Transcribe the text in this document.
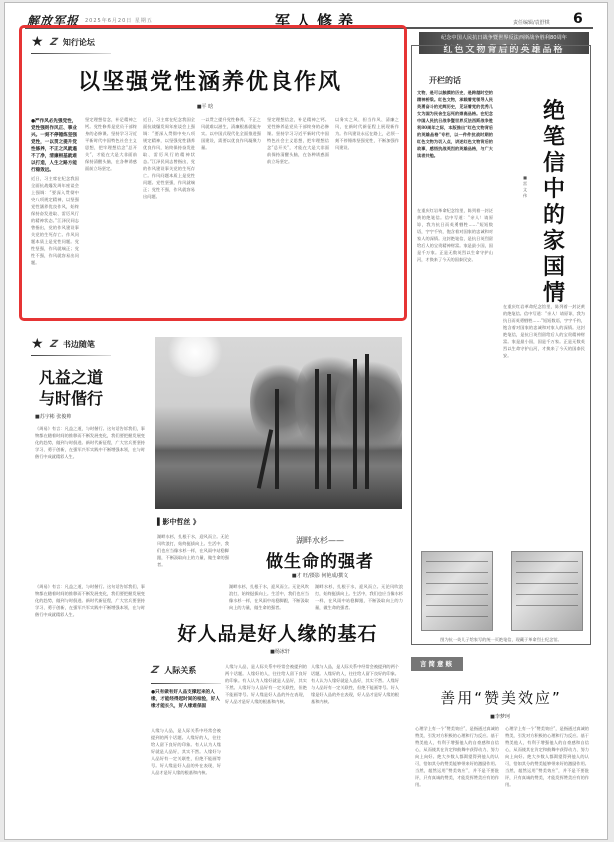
解放军报 2025年6月20日 星期五	军人修养	责任编辑/袁舒棋 6
★ Z 知行论坛
以坚强党性涵养优良作风
■平 晗
●严作风必先强党性，党性强则作风正、事业兴。一刻不停锤炼坚强党性，一以贯之提升党性修养，不正之风就遏不了净，清廉根基就难以打造，人生之路方能行稳致远。
近日，习主席在纪念我国全面抗战爆发周年座谈会上强调：“要深入贯彻中央八项规定精神，以坚强党性涵养优良作风，始终保持奋发进取、雷厉风行的精神状态。”江泽民同志曾指出，党的作风建设事关党的生死存亡。作风问题本质上是党性问题。党性坚强，作风就端正；党性不强，作风就容易出问题。
坚定理想信念，补足精神之钙。党性修养是党员干部终身的必修课。坚持学习习近平新时代中国特色社会主义思想，把牢理想信念“总开关”，才能在大是大非面前保持清醒头脑，在各种诱惑面前立场坚定。
近日，习主席在纪念我国全面抗战爆发周年座谈会上强调：“要深入贯彻中央八项规定精神，以坚强党性涵养优良作风，始终保持奋发进取、雷厉风行的精神状态。”江泽民同志曾指出，党的作风建设事关党的生死存亡。作风问题本质上是党性问题。党性坚强，作风就端正；党性不强，作风就容易出问题。
一以贯之提升党性修养，不正之风就难以滋生，清廉根基就能夯实。以中国式现代化全面推进强国建设，需要以优良作风凝聚力量。
坚定理想信念，补足精神之钙。党性修养是党员干部终身的必修课。坚持学习习近平新时代中国特色社会主义思想，把牢理想信念“总开关”，才能在大是大非面前保持清醒头脑，在各种诱惑面前立场坚定。
以务实之风、担当作风、清廉之风，在新时代新征程上展现新作为。作风建设永远在路上，必须一刻不停锤炼坚强党性，不断加强作风建设。
★ Z 书边随笔
凡益之道
与时偕行
■苏宇彬 张俊帅
《周易》有言：凡益之道，与时偕行。这句话告诉我们，事物都在随着时间的推移而不断发展变化，我们要把握发展变化的趋势，做到与时俱进。新时代新征程，广大官兵要坚持学习、勇于创新，在强军兴军实践中不断增强本领，在与时偕行中成就精彩人生。
《周易》有言：凡益之道，与时偕行。这句话告诉我们，事物都在随着时间的推移而不断发展变化，我们要把握发展变化的趋势，做到与时俱进。新时代新征程，广大官兵要坚持学习、勇于创新，在强军兴军实践中不断增强本领，在与时偕行中成就精彩人生。
▌影中哲丝 》
湖畔水杉，扎根于水，迎风而立。无论风吹浪打，始终挺拔向上。生活中，我们也应当像水杉一样，在风雨中站稳脚跟，不断汲取向上的力量，做生命的强者。
湖畔水杉——
做生命的强者
■才 旺/摄影 何艳成/撰文
湖畔水杉，扎根于水，迎风而立。无论风吹浪打，始终挺拔向上。生活中，我们也应当像水杉一样，在风雨中站稳脚跟，不断汲取向上的力量，做生命的强者。
湖畔水杉，扎根于水，迎风而立。无论风吹浪打，始终挺拔向上。生活中，我们也应当像水杉一样，在风雨中站稳脚跟，不断汲取向上的力量，做生命的强者。
好人品是好人缘的基石
■杨冰轩
Z 人际关系
●只有做有好人品支撑起来的人缘，才能经得起时间的检验，好人缘才能长久，好人缘难保固
人缘与人品，是人际关系中经常会被提到的两个话题。人缘好的人，往往给人留下良好的印象。有人认为人缘好就是人品好，其实不然。人缘好与人品好有一定关联性，但绝不能画等号。好人缘是好人品的外在表现，好人品才是好人缘的根基和内核。
人缘与人品，是人际关系中经常会被提到的两个话题。人缘好的人，往往给人留下良好的印象。有人认为人缘好就是人品好，其实不然。人缘好与人品好有一定关联性，但绝不能画等号。好人缘是好人品的外在表现，好人品才是好人缘的根基和内核。
人缘与人品，是人际关系中经常会被提到的两个话题。人缘好的人，往往给人留下良好的印象。有人认为人缘好就是人品好，其实不然。人缘好与人品好有一定关联性，但绝不能画等号。好人缘是好人品的外在表现，好人品才是好人缘的根基和内核。
纪念中国人民抗日战争暨世界反法西斯战争胜利80周年
红色文物背后的英雄品格
开栏的话
文物，是可以触摸的历史，是跨越时空的精神桥梁。红色文物，承载着党领导人民英勇奋斗的光辉历史，见证着党的优秀儿女为国为民舍生忘死的崇高品格。在纪念中国人民抗日战争暨世界反法西斯战争胜利80周年之际，本版推出“红色文物背后的英雄品格”专栏，以一件件抗战时期的红色文物为切入点，讲述红色文物背后的故事，感悟抗战英烈的英雄品格，与广大读者共勉。
绝笔信中的家国情
■雷 文 伟
在重庆红岩革命纪念馆里，陈列着一封泛黄的绝笔信。信中写道：“亲人！请原谅，我为抗日而英勇牺牲……”短短数语，字字千钧，饱含着对国家的忠诚和对家人的深情。这封绝笔信，是抗日英烈留给后人的宝贵精神财富。家是最小国，国是千万家。正是无数英烈以生命守护山河，才换来了今天的国泰民安。
在重庆红岩革命纪念馆里，陈列着一封泛黄的绝笔信。信中写道：“亲人！请原谅，我为抗日而英勇牺牲……”短短数语，字字千钧，饱含着对国家的忠诚和对家人的深情。这封绝笔信，是抗日英烈留给后人的宝贵精神财富。家是最小国，国是千万家。正是无数英烈以生命守护山河，才换来了今天的国泰民安。
图为抗一英儿子给家写的统一页绝笔信，现藏于革命烈士纪念馆。
言简意赅
善用“赞美效应”
■李梦珂
心理学上有一个“赞美效应”，是指通过真诚的赞美，引发对方积极的心理和行为反应。基于赞美他人，有利于增强他人的自豪感和自信心，从而使其在肯定和鼓舞中获得动力、努力向上向好。绝大多数人都渴望得到他人的认可，恰如其分的赞美能够带来好的激励作用。当然，超然运用“赞美效应”，并不是不要批评，只有真诚的赞美，才能发挥赞美应有的作用。
心理学上有一个“赞美效应”，是指通过真诚的赞美，引发对方积极的心理和行为反应。基于赞美他人，有利于增强他人的自豪感和自信心，从而使其在肯定和鼓舞中获得动力、努力向上向好。绝大多数人都渴望得到他人的认可，恰如其分的赞美能够带来好的激励作用。当然，超然运用“赞美效应”，并不是不要批评，只有真诚的赞美，才能发挥赞美应有的作用。
